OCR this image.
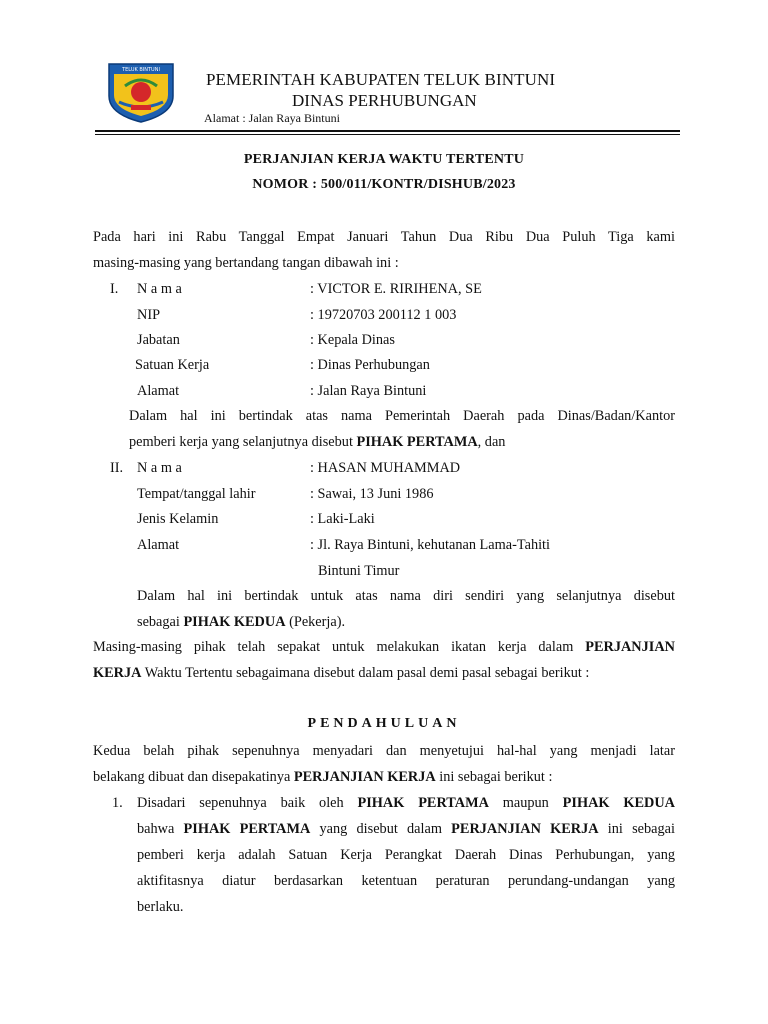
TELUK BINTUNI	PEMERINTAH KABUPATEN TELUK BINTUNI
DINAS PERHUBUNGAN
Alamat : Jalan Raya Bintuni
PERJANJIAN KERJA WAKTU TERTENTU
NOMOR : 500/011/KONTR/DISHUB/2023
Pada hari ini Rabu Tanggal Empat Januari Tahun Dua Ribu Dua Puluh Tiga kami
masing-masing yang bertandang tangan dibawah ini :
I. N a m a	: VICTOR E. RIRIHENA, SE
NIP	: 19720703 200112 1 003
Jabatan	: Kepala Dinas
Satuan Kerja	: Dinas Perhubungan
Alamat	: Jalan Raya Bintuni
Dalam hal ini bertindak atas nama Pemerintah Daerah pada Dinas/Badan/Kantor
pemberi kerja yang selanjutnya disebut PIHAK PERTAMA, dan
II. N a m a	: HASAN MUHAMMAD
Tempat/tanggal lahir	: Sawai, 13 Juni 1986
Jenis Kelamin	: Laki-Laki
Alamat	: Jl. Raya Bintuni, kehutanan Lama-Tahiti
Bintuni Timur
Dalam hal ini bertindak untuk atas nama diri sendiri yang selanjutnya disebut
sebagai PIHAK KEDUA (Pekerja).
Masing-masing pihak telah sepakat untuk melakukan ikatan kerja dalam PERJANJIAN
KERJA Waktu Tertentu sebagaimana disebut dalam pasal demi pasal sebagai berikut :
PENDAHULUAN
Kedua belah pihak sepenuhnya menyadari dan menyetujui hal-hal yang menjadi latar
belakang dibuat dan disepakatinya PERJANJIAN KERJA ini sebagai berikut :
1. Disadari sepenuhnya baik oleh PIHAK PERTAMA maupun PIHAK KEDUA
bahwa PIHAK PERTAMA yang disebut dalam PERJANJIAN KERJA ini sebagai
pemberi kerja adalah Satuan Kerja Perangkat Daerah Dinas Perhubungan, yang
aktifitasnya diatur berdasarkan ketentuan peraturan perundang-undangan yang
berlaku.
